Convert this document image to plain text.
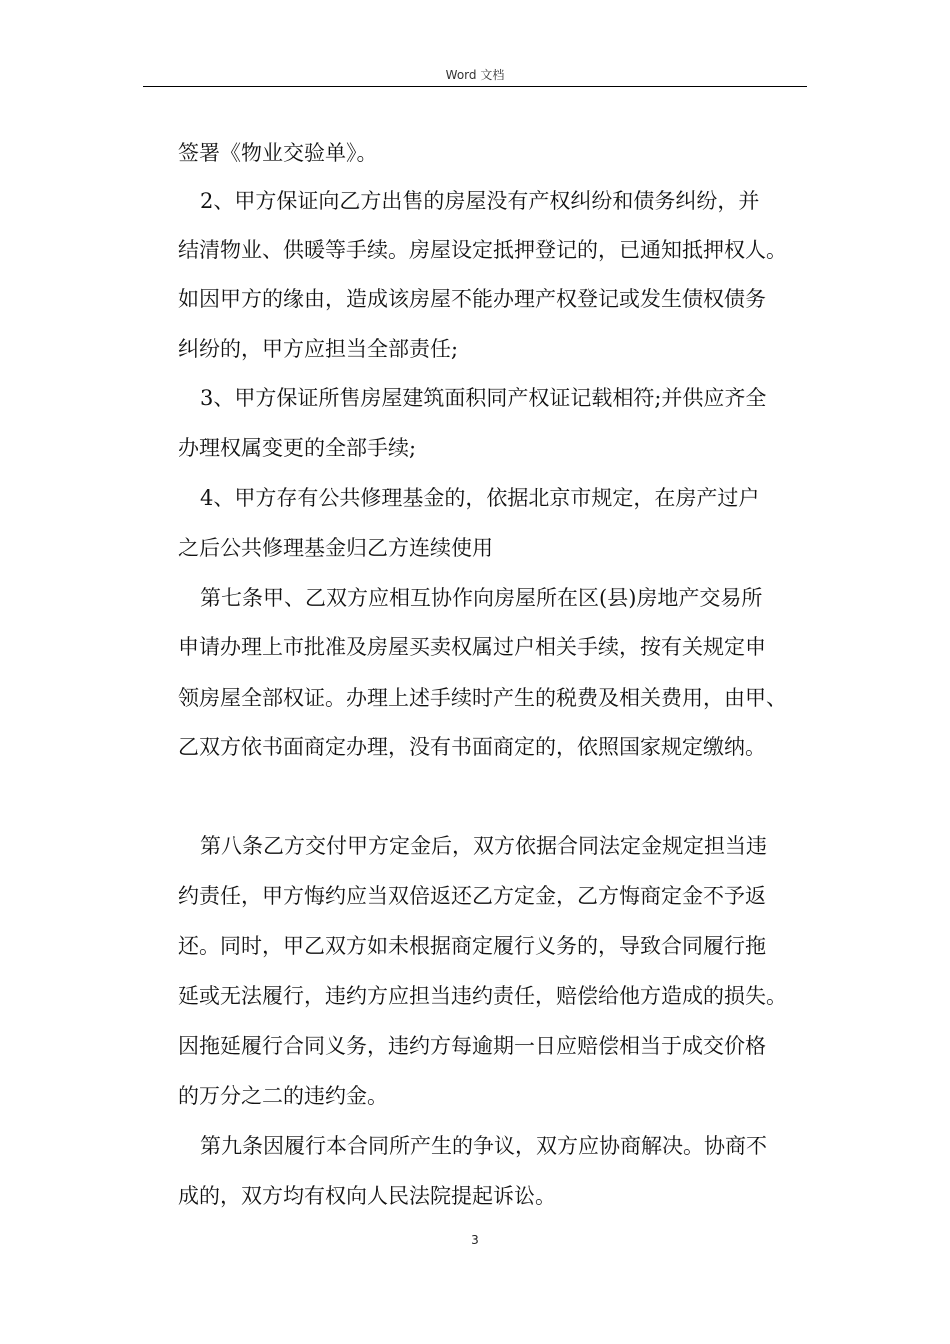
Word 文档
签署《物业交验单》。
2、甲方保证向乙方出售的房屋没有产权纠纷和债务纠纷，并
结清物业、供暖等手续。房屋设定抵押登记的，已通知抵押权人。
如因甲方的缘由，造成该房屋不能办理产权登记或发生债权债务
纠纷的，甲方应担当全部责任;
3、甲方保证所售房屋建筑面积同产权证记载相符;并供应齐全
办理权属变更的全部手续;
4、甲方存有公共修理基金的，依据北京市规定，在房产过户
之后公共修理基金归乙方连续使用
第七条甲、乙双方应相互协作向房屋所在区(县)房地产交易所
申请办理上市批准及房屋买卖权属过户相关手续，按有关规定申
领房屋全部权证。办理上述手续时产生的税费及相关费用，由甲、
乙双方依书面商定办理，没有书面商定的，依照国家规定缴纳。
第八条乙方交付甲方定金后，双方依据合同法定金规定担当违
约责任，甲方悔约应当双倍返还乙方定金，乙方悔商定金不予返
还。同时，甲乙双方如未根据商定履行义务的，导致合同履行拖
延或无法履行，违约方应担当违约责任，赔偿给他方造成的损失。
因拖延履行合同义务，违约方每逾期一日应赔偿相当于成交价格
的万分之二的违约金。
第九条因履行本合同所产生的争议，双方应协商解决。协商不
成的，双方均有权向人民法院提起诉讼。
3
